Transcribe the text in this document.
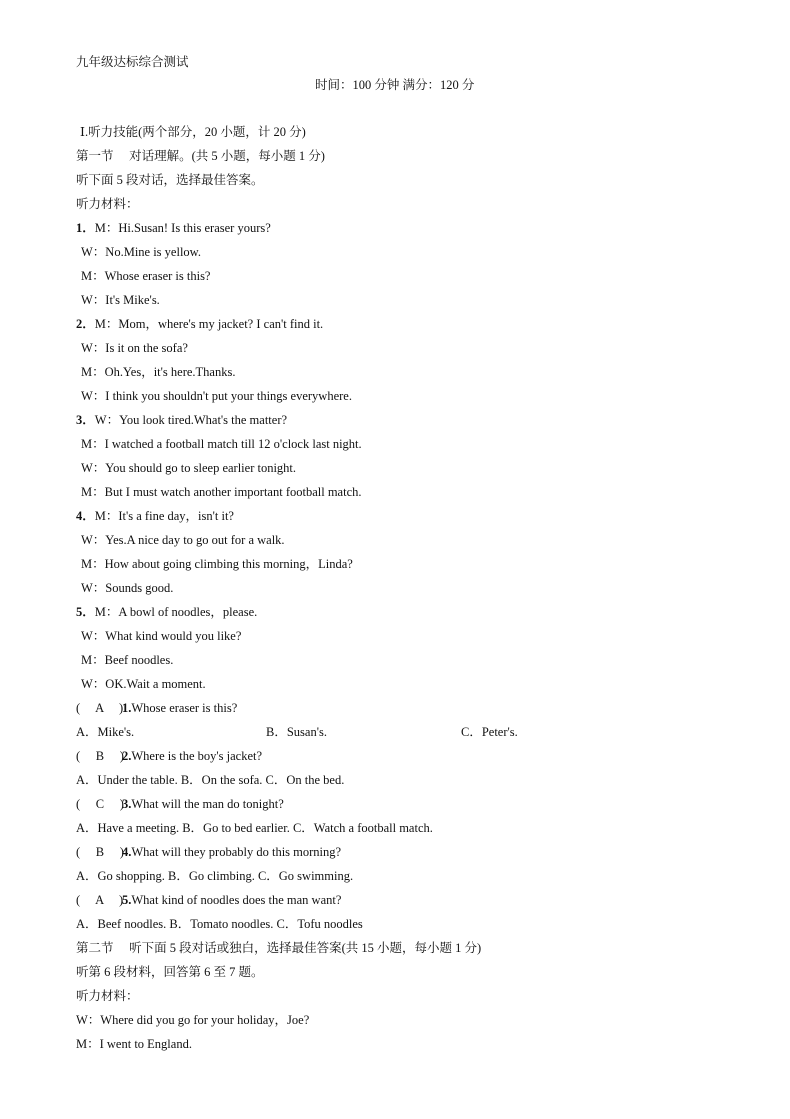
九年级达标综合测试
时间：100 分钟 满分：120 分
Ⅰ.听力技能(两个部分，20 小题，计 20 分)
第一节　 对话理解。(共 5 小题，每小题 1 分)
听下面 5 段对话，选择最佳答案。
听力材料：
1．M：Hi.Susan! Is this eraser yours?
W：No.Mine is yellow.
M：Whose eraser is this?
W：It's Mike's.
2．M：Mom，where's my jacket? I can't find it.
W：Is it on the sofa?
M：Oh.Yes，it's here.Thanks.
W：I think you shouldn't put your things everywhere.
3．W：You look tired.What's the matter?
M：I watched a football match till 12 o'clock last night.
W：You should go to sleep earlier tonight.
M：But I must watch another important football match.
4．M：It's a fine day，isn't it?
W：Yes.A nice day to go out for a walk.
M：How about going climbing this morning，Linda?
W：Sounds good.
5．M：A bowl of noodles，please.
W：What kind would you like?
M：Beef noodles.
W：OK.Wait a moment.
(　 A　 )1.Whose eraser is this?
A．Mike's.	B．Susan's.	C．Peter's.
(　 B　 )2.Where is the boy's jacket?
A．Under the table. B．On the sofa. C．On the bed.
(　 C　 )3.What will the man do tonight?
A．Have a meeting. B．Go to bed earlier. C．Watch a football match.
(　 B　 )4.What will they probably do this morning?
A．Go shopping. B．Go climbing. C．Go swimming.
(　 A　 )5.What kind of noodles does the man want?
A．Beef noodles. B．Tomato noodles. C．Tofu noodles
第二节　 听下面 5 段对话或独白，选择最佳答案(共 15 小题，每小题 1 分)
听第 6 段材料，回答第 6 至 7 题。
听力材料：
W：Where did you go for your holiday，Joe?
M：I went to England.
